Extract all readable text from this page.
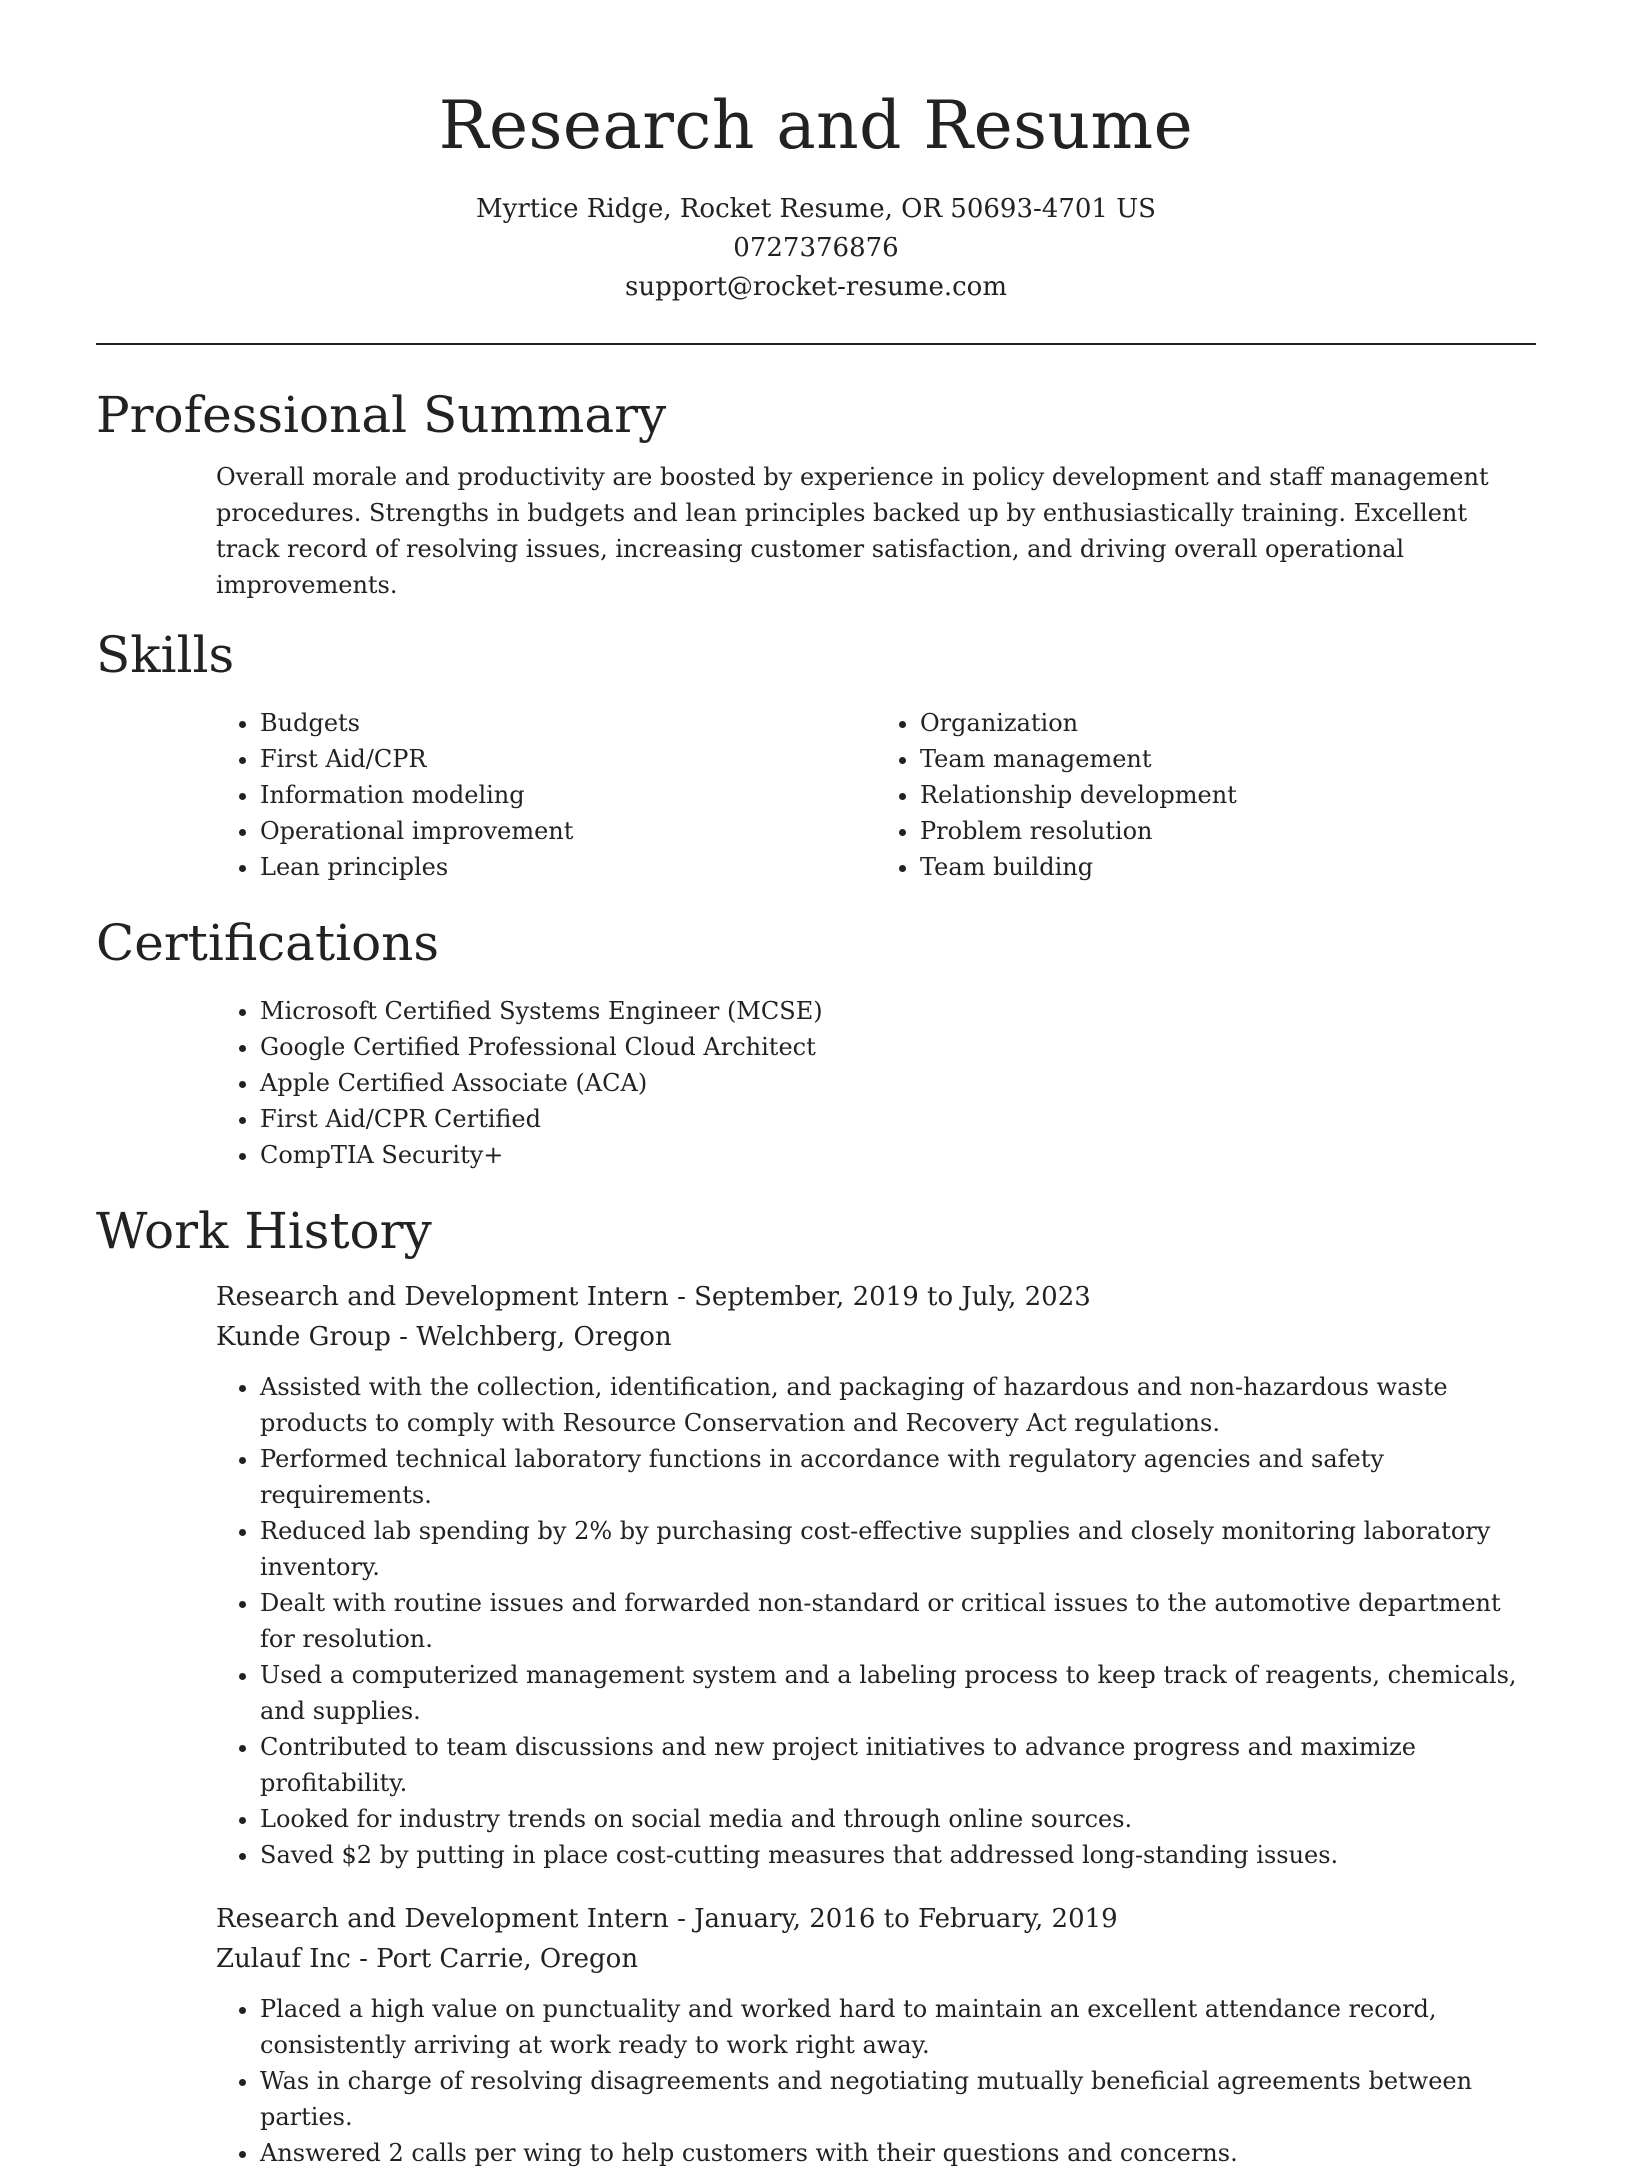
Research and Resume
Myrtice Ridge, Rocket Resume, OR 50693-4701 US
0727376876
support@rocket-resume.com
Professional Summary

Overall morale and productivity are boosted by experience in policy development and staff management procedures. Strengths in budgets and lean principles backed up by enthusiastically training. Excellent track record of resolving issues, increasing customer satisfaction, and driving overall operational improvements.

Skills
• Budgets
• First Aid/CPR
• Information modeling
• Operational improvement
• Lean principles
• Organization
• Team management
• Relationship development
• Problem resolution
• Team building
Certifications
• Microsoft Certified Systems Engineer (MCSE)
• Google Certified Professional Cloud Architect
• Apple Certified Associate (ACA)
• First Aid/CPR Certified
• CompTIA Security+
Work History
Research and Development Intern - September, 2019 to July, 2023
Kunde Group - Welchberg, Oregon
• Assisted with the collection, identification, and packaging of hazardous and non-hazardous waste products to comply with Resource Conservation and Recovery Act regulations.
• Performed technical laboratory functions in accordance with regulatory agencies and safety requirements.
• Reduced lab spending by 2% by purchasing cost-effective supplies and closely monitoring laboratory inventory.
• Dealt with routine issues and forwarded non-standard or critical issues to the automotive department for resolution.
• Used a computerized management system and a labeling process to keep track of reagents, chemicals, and supplies.
• Contributed to team discussions and new project initiatives to advance progress and maximize profitability.
• Looked for industry trends on social media and through online sources.
• Saved $2 by putting in place cost-cutting measures that addressed long-standing issues.
Research and Development Intern - January, 2016 to February, 2019
Zulauf Inc - Port Carrie, Oregon
• Placed a high value on punctuality and worked hard to maintain an excellent attendance record, consistently arriving at work ready to work right away.
• Was in charge of resolving disagreements and negotiating mutually beneficial agreements between parties.
• Answered 2 calls per wing to help customers with their questions and concerns.
